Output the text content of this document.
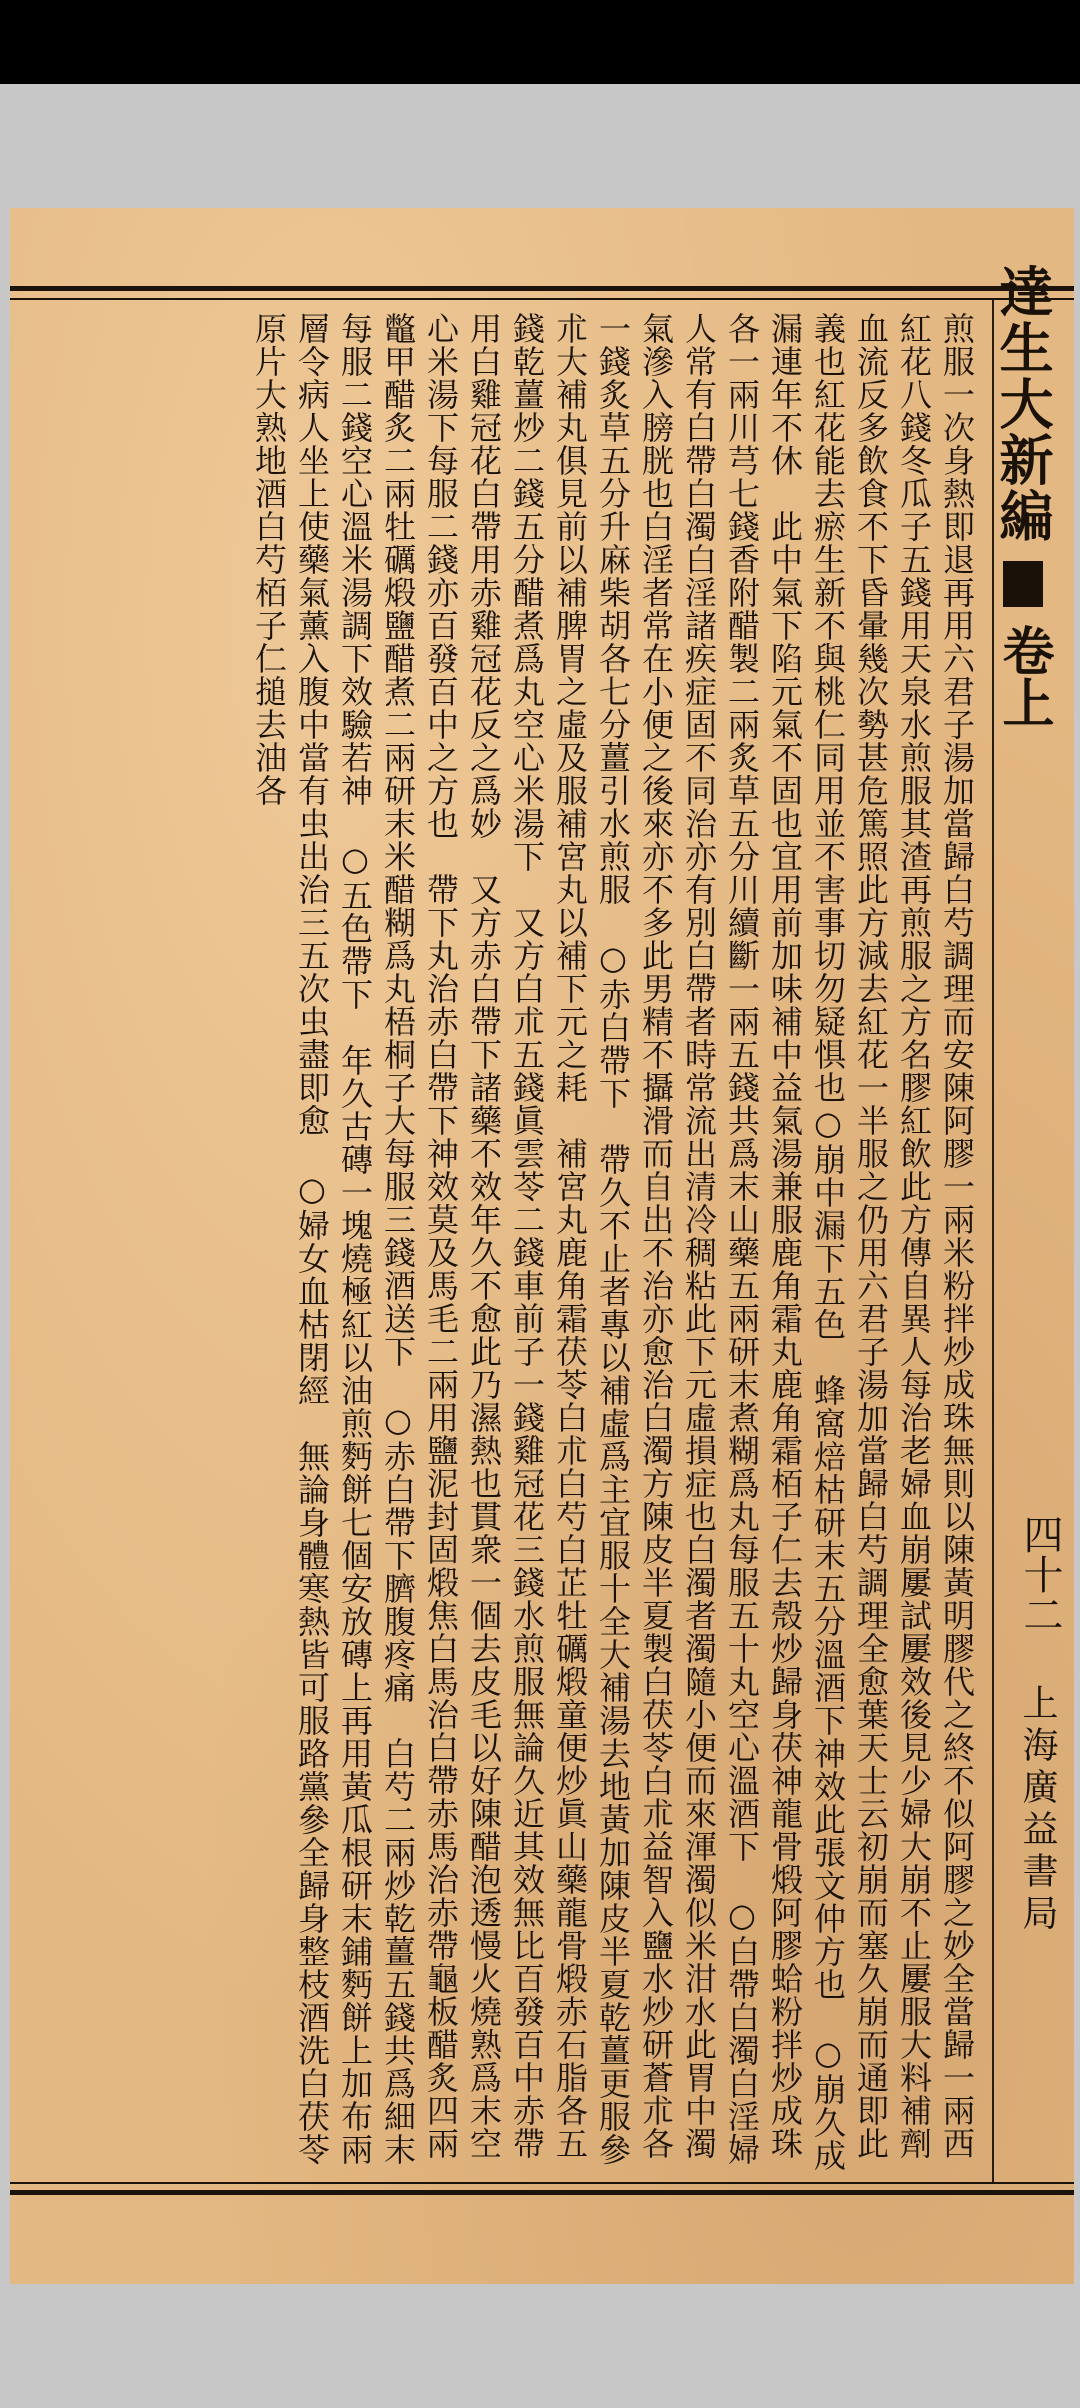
煎服一次身熱即退再用六君子湯加當歸白芍調理而安陳阿膠一兩米粉拌炒成珠無則以陳黃明膠代之終不似阿膠之妙全當歸一兩西紅花八錢冬瓜子五錢用天泉水煎服其渣再煎服之方名膠紅飲此方傳自異人每治老婦血崩屢試屢效後見少婦大崩不止屢服大料補劑血流反多飲食不下昏暈幾次勢甚危篤照此方減去紅花一半服之仍用六君子湯加當歸白芍調理全愈葉天士云初崩而塞久崩而通即此義也紅花能去瘀生新不與桃仁同用並不害事切勿疑惧也○崩中漏下五色　蜂窩焙枯研末五分溫酒下神效此張文仲方也　○崩久成漏連年不休　此中氣下陷元氣不固也宜用前加味補中益氣湯兼服鹿角霜丸鹿角霜栢子仁去殼炒歸身茯神龍骨煅阿膠蛤粉拌炒成珠各一兩川芎七錢香附醋製二兩炙草五分川續斷一兩五錢共爲末山藥五兩研末煮糊爲丸每服五十丸空心溫酒下　○白帶白濁白淫婦人常有白帶白濁白淫諸疾症固不同治亦有別白帶者時常流出清冷稠粘此下元虛損症也白濁者濁隨小便而來渾濁似米泔水此胃中濁氣滲入膀胱也白淫者常在小便之後來亦不多此男精不攝滑而自出不治亦愈治白濁方陳皮半夏製白茯苓白朮益智入鹽水炒研蒼朮各一錢炙草五分升麻柴胡各七分薑引水煎服　○赤白帶下　帶久不止者專以補虛爲主宜服十全大補湯去地黃加陳皮半夏乾薑更服參朮大補丸俱見前以補脾胃之虛及服補宮丸以補下元之耗　補宮丸鹿角霜茯苓白朮白芍白芷牡礪煅童便炒眞山藥龍骨煅赤石脂各五錢乾薑炒二錢五分醋煮爲丸空心米湯下　又方白朮五錢眞雲苓二錢車前子一錢雞冠花三錢水煎服無論久近其效無比百發百中赤帶用白雞冠花白帶用赤雞冠花反之爲妙　又方赤白帶下諸藥不效年久不愈此乃濕熱也貫衆一個去皮毛以好陳醋泡透慢火燒熟爲末空心米湯下每服二錢亦百發百中之方也　帶下丸治赤白帶下神效莫及馬毛二兩用鹽泥封固煅焦白馬治白帶赤馬治赤帶龜板醋炙四兩鼈甲醋炙二兩牡礪煅鹽醋煮二兩研末米醋糊爲丸梧桐子大每服三錢酒送下　○赤白帶下臍腹疼痛　白芍二兩炒乾薑五錢共爲細末每服二錢空心溫米湯調下效驗若神　○五色帶下　年久古磚一塊燒極紅以油煎麪餅七個安放磚上再用黃瓜根研末鋪麪餅上加布兩層令病人坐上使藥氣薰入腹中當有虫出治三五次虫盡即愈　○婦女血枯閉經　無論身體寒熱皆可服路黨參全歸身整枝酒洗白茯苓原片大熟地酒白芍栢子仁搥去油各	達生大新編  卷上
四十二
上海廣益書局
